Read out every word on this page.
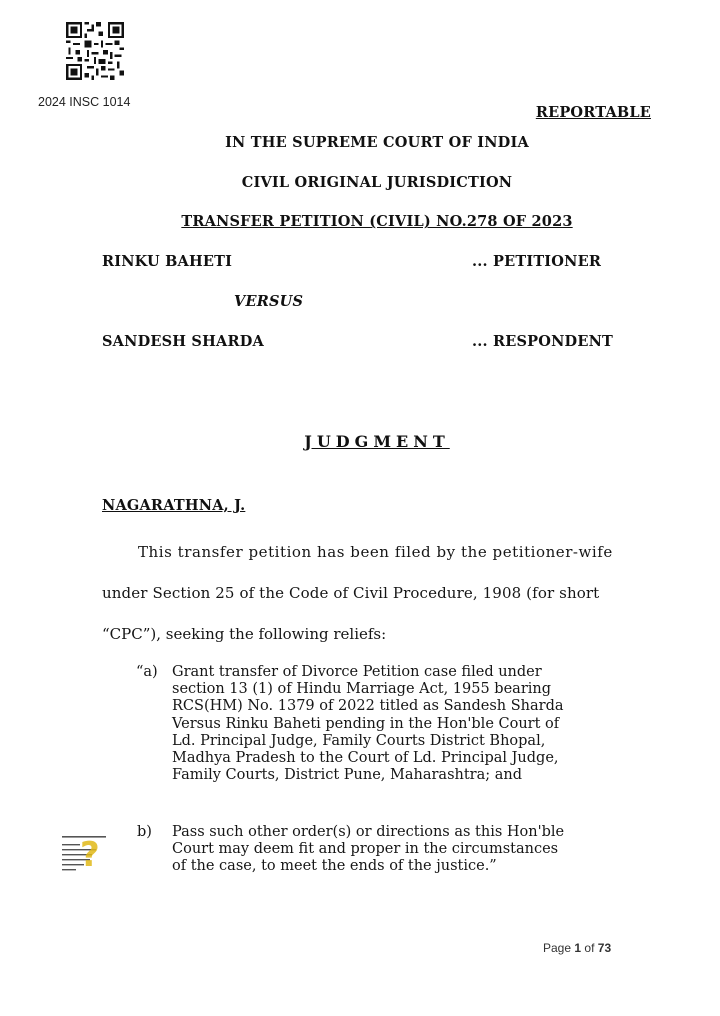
2024 INSC 1014
REPORTABLE
IN THE SUPREME COURT OF INDIA
CIVIL ORIGINAL JURISDICTION
TRANSFER PETITION (CIVIL) NO.278 OF 2023
RINKU BAHETI	... PETITIONER
VERSUS
SANDESH SHARDA	... RESPONDENT
JUDGMENT
NAGARATHNA, J.
This transfer petition has been filed by the petitioner-wife
under Section 25 of the Code of Civil Procedure, 1908 (for short
“CPC”), seeking the following reliefs:
“a) Grant transfer of Divorce Petition case filed under
section 13 (1) of Hindu Marriage Act, 1955 bearing
RCS(HM) No. 1379 of 2022 titled as Sandesh Sharda
Versus Rinku Baheti pending in the Hon'ble Court of
Ld. Principal Judge, Family Courts District Bhopal,
Madhya Pradesh to the Court of Ld. Principal Judge,
Family Courts, District Pune, Maharashtra; and
b) Pass such other order(s) or directions as this Hon'ble
Court may deem fit and proper in the circumstances
of the case, to meet the ends of the justice.”
?
Page 1 of 73
